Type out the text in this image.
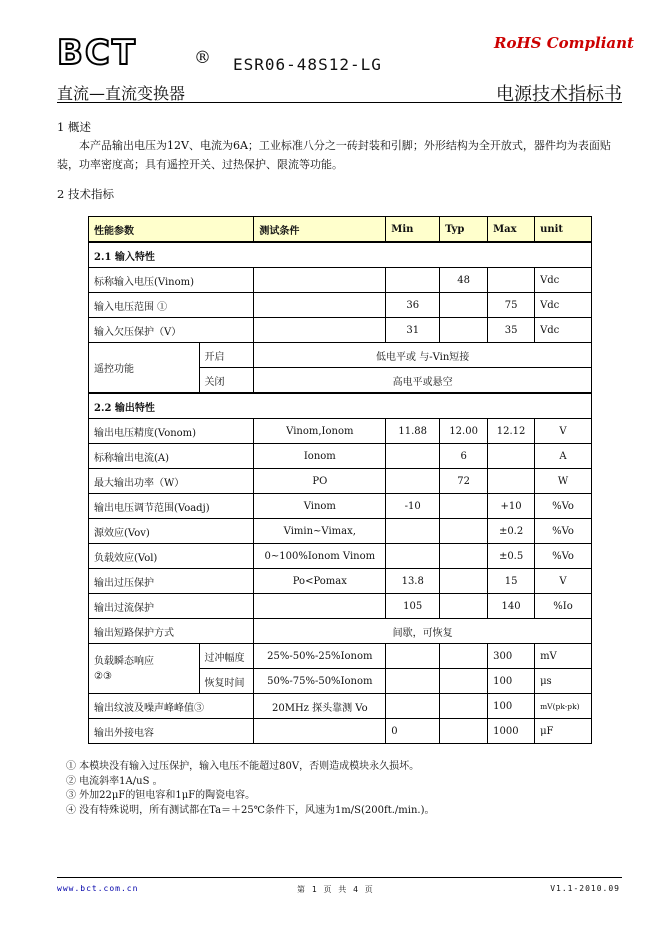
BCT	® ESR06-48S12-LG
RoHS Compliant
直流—直流变换器	电源技术指标书
1 概述
本产品输出电压为12V、电流为6A；工业标准八分之一砖封装和引脚；外形结构为全开放式，器件均为表面贴装，功率密度高；具有遥控开关、过热保护、限流等功能。
2 技术指标
性能参数		测试条件	Min	Typ	Max	unit
2.1 输入特性						
标称输入电压(Vinom)				48		Vdc
输入电压范围 ①			36		75	Vdc
输入欠压保护（V）			31		35	Vdc
遥控功能	开启	低电平或 与-Vin短接				
	关闭	高电平或悬空				
2.2 输出特性						
输出电压精度(Vonom)		Vinom,Ionom	11.88	12.00	12.12	V
标称输出电流(A)		Ionom		6		A
最大输出功率（W）		PO		72		W
输出电压调节范围(Voadj)		Vinom	-10		+10	%Vo
源效应(Vov)		Vimin~Vimax,			±0.2	%Vo
负载效应(Vol)		0~100%Ionom Vinom			±0.5	%Vo
输出过压保护		Po<Pomax	13.8		15	V
输出过流保护			105		140	%Io
输出短路保护方式		间歇，可恢复				
负载瞬态响应
②③	过冲幅度	25%-50%-25%Ionom			300	mV
	恢复时间	50%-75%-50%Ionom			100	μs
输出纹波及噪声峰峰值③		20MHz 探头靠测 Vo			100	mV(pk-pk)
输出外接电容			0		1000	μF
① 本模块没有输入过压保护，输入电压不能超过80V，否则造成模块永久损坏。
② 电流斜率1A/uS 。
③ 外加22μF的钽电容和1μF的陶瓷电容。
④ 没有特殊说明，所有测试都在Ta＝＋25℃条件下，风速为1m/S(200ft./min.)。
www.bct.com.cn	第 1 页 共 4 页	V1.1-2010.09
